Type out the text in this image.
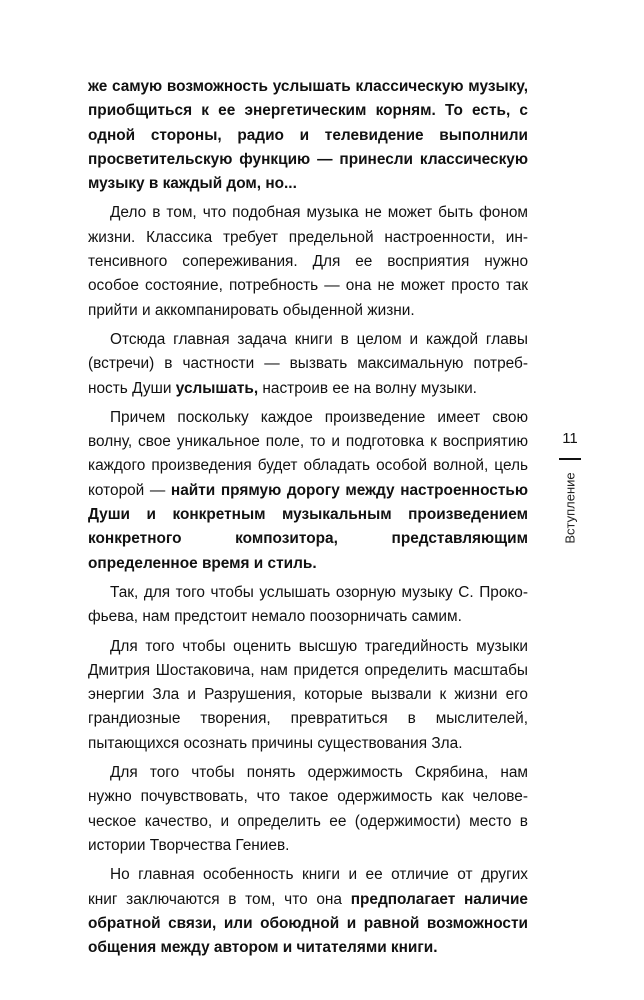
же самую возможность услышать классическую музыку, приобщиться к ее энергетическим корням. То есть, с одной стороны, радио и телевидение выполнили просветительскую функцию — принесли классическую музыку в каждый дом, но...

Дело в том, что подобная музыка не может быть фоном жизни. Классика требует предельной настроенности, интенсивного сопереживания. Для ее восприятия нужно особое состояние, потребность — она не может просто так прийти и аккомпанировать обыденной жизни.

Отсюда главная задача книги в целом и каждой главы (встречи) в частности — вызвать максимальную потребность Души услышать, настроив ее на волну музыки.

Причем поскольку каждое произведение имеет свою волну, свое уникальное поле, то и подготовка к восприятию каждого произведения будет обладать особой волной, цель которой — найти прямую дорогу между настроенностью Души и конкретным музыкальным произведением конкретного композитора, представляющим определенное время и стиль.

Так, для того чтобы услышать озорную музыку С. Прокофьева, нам предстоит немало поозорничать самим.

Для того чтобы оценить высшую трагедийность музыки Дмитрия Шостаковича, нам придется определить масштабы энергии Зла и Разрушения, которые вызвали к жизни его грандиозные творения, превратиться в мыслителей, пытающихся осознать причины существования Зла.

Для того чтобы понять одержимость Скрябина, нам нужно почувствовать, что такое одержимость как человеческое качество, и определить ее (одержимости) место в истории Творчества Гениев.

Но главная особенность книги и ее отличие от других книг заключаются в том, что она предполагает наличие обратной связи, или обоюдной и равной возможности общения между автором и читателями книги.

11
Вступление
